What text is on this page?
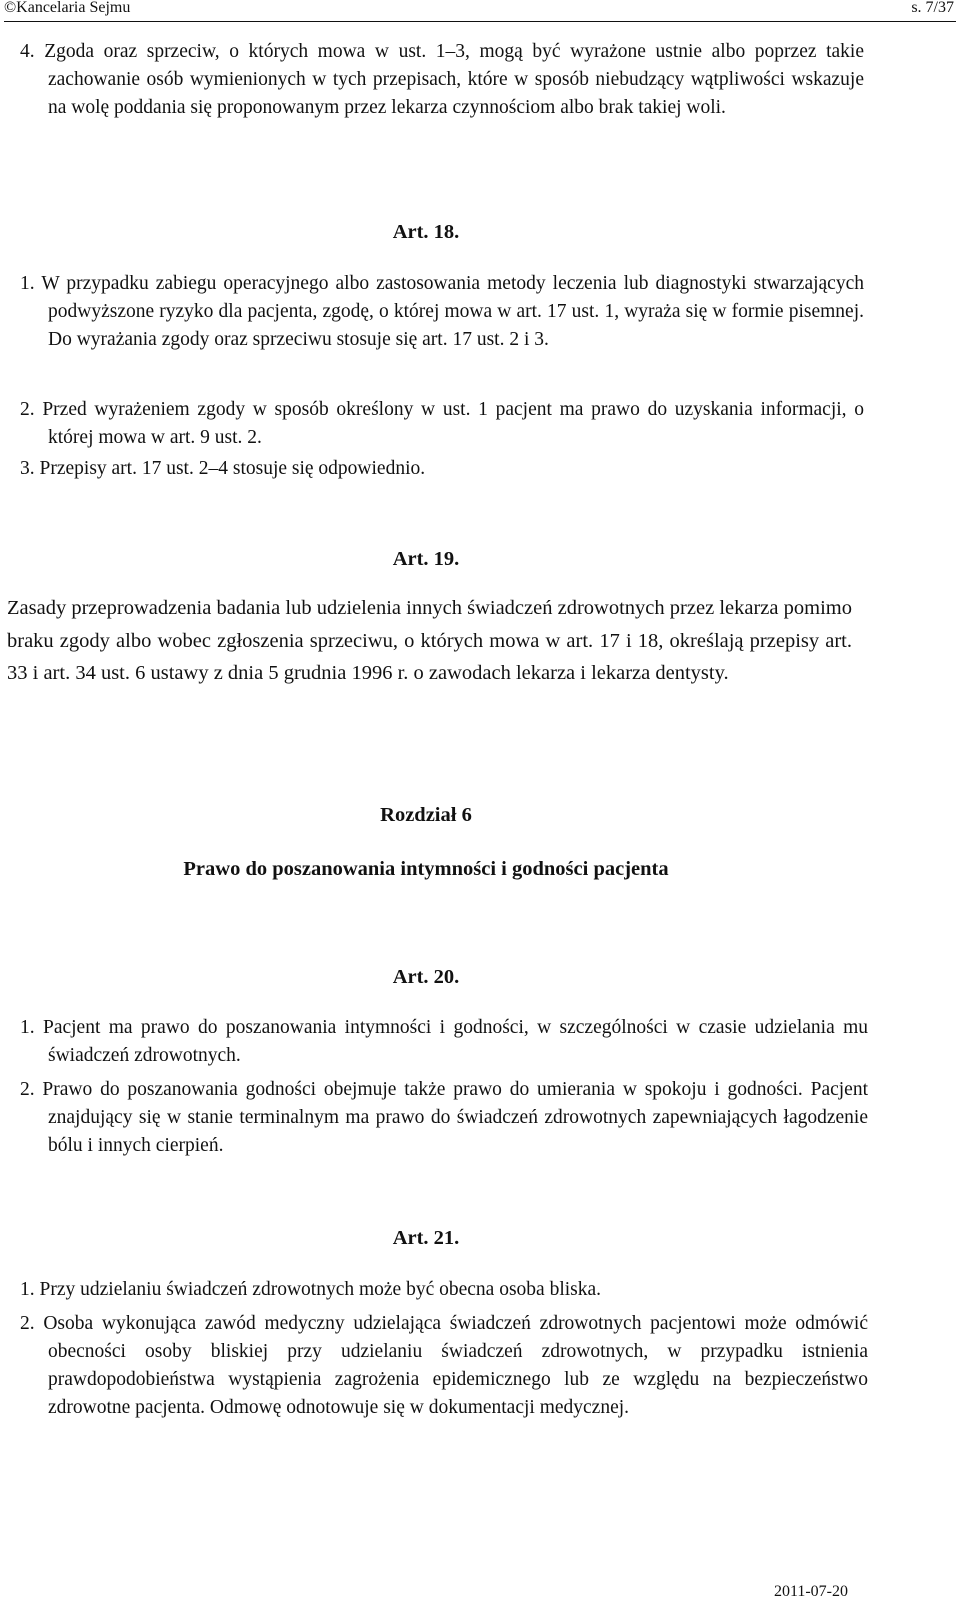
©Kancelaria Sejmu	s. 7/37
4. Zgoda oraz sprzeciw, o których mowa w ust. 1–3, mogą być wyrażone ustnie albo poprzez takie zachowanie osób wymienionych w tych przepisach, które w sposób niebudzący wątpliwości wskazuje na wolę poddania się proponowanym przez lekarza czynnościom albo brak takiej woli.
Art. 18.
1. W przypadku zabiegu operacyjnego albo zastosowania metody leczenia lub diagnostyki stwarzających podwyższone ryzyko dla pacjenta, zgodę, o której mowa w art. 17 ust. 1, wyraża się w formie pisemnej. Do wyrażania zgody oraz sprzeciwu stosuje się art. 17 ust. 2 i 3.
2. Przed wyrażeniem zgody w sposób określony w ust. 1 pacjent ma prawo do uzyskania informacji, o której mowa w art. 9 ust. 2.
3. Przepisy art. 17 ust. 2–4 stosuje się odpowiednio.
Art. 19.
Zasady przeprowadzenia badania lub udzielenia innych świadczeń zdrowotnych przez lekarza pomimo braku zgody albo wobec zgłoszenia sprzeciwu, o których mowa w art. 17 i 18, określają przepisy art. 33 i art. 34 ust. 6 ustawy z dnia 5 grudnia 1996 r. o zawodach lekarza i lekarza dentysty.
Rozdział 6
Prawo do poszanowania intymności i godności pacjenta
Art. 20.
1. Pacjent ma prawo do poszanowania intymności i godności, w szczególności w czasie udzielania mu świadczeń zdrowotnych.
2. Prawo do poszanowania godności obejmuje także prawo do umierania w spokoju i godności. Pacjent znajdujący się w stanie terminalnym ma prawo do świadczeń zdrowotnych zapewniających łagodzenie bólu i innych cierpień.
Art. 21.
1. Przy udzielaniu świadczeń zdrowotnych może być obecna osoba bliska.
2. Osoba wykonująca zawód medyczny udzielająca świadczeń zdrowotnych pacjentowi może odmówić obecności osoby bliskiej przy udzielaniu świadczeń zdrowotnych, w przypadku istnienia prawdopodobieństwa wystąpienia zagrożenia epidemicznego lub ze względu na bezpieczeństwo zdrowotne pacjenta. Odmowę odnotowuje się w dokumentacji medycznej.
2011-07-20
